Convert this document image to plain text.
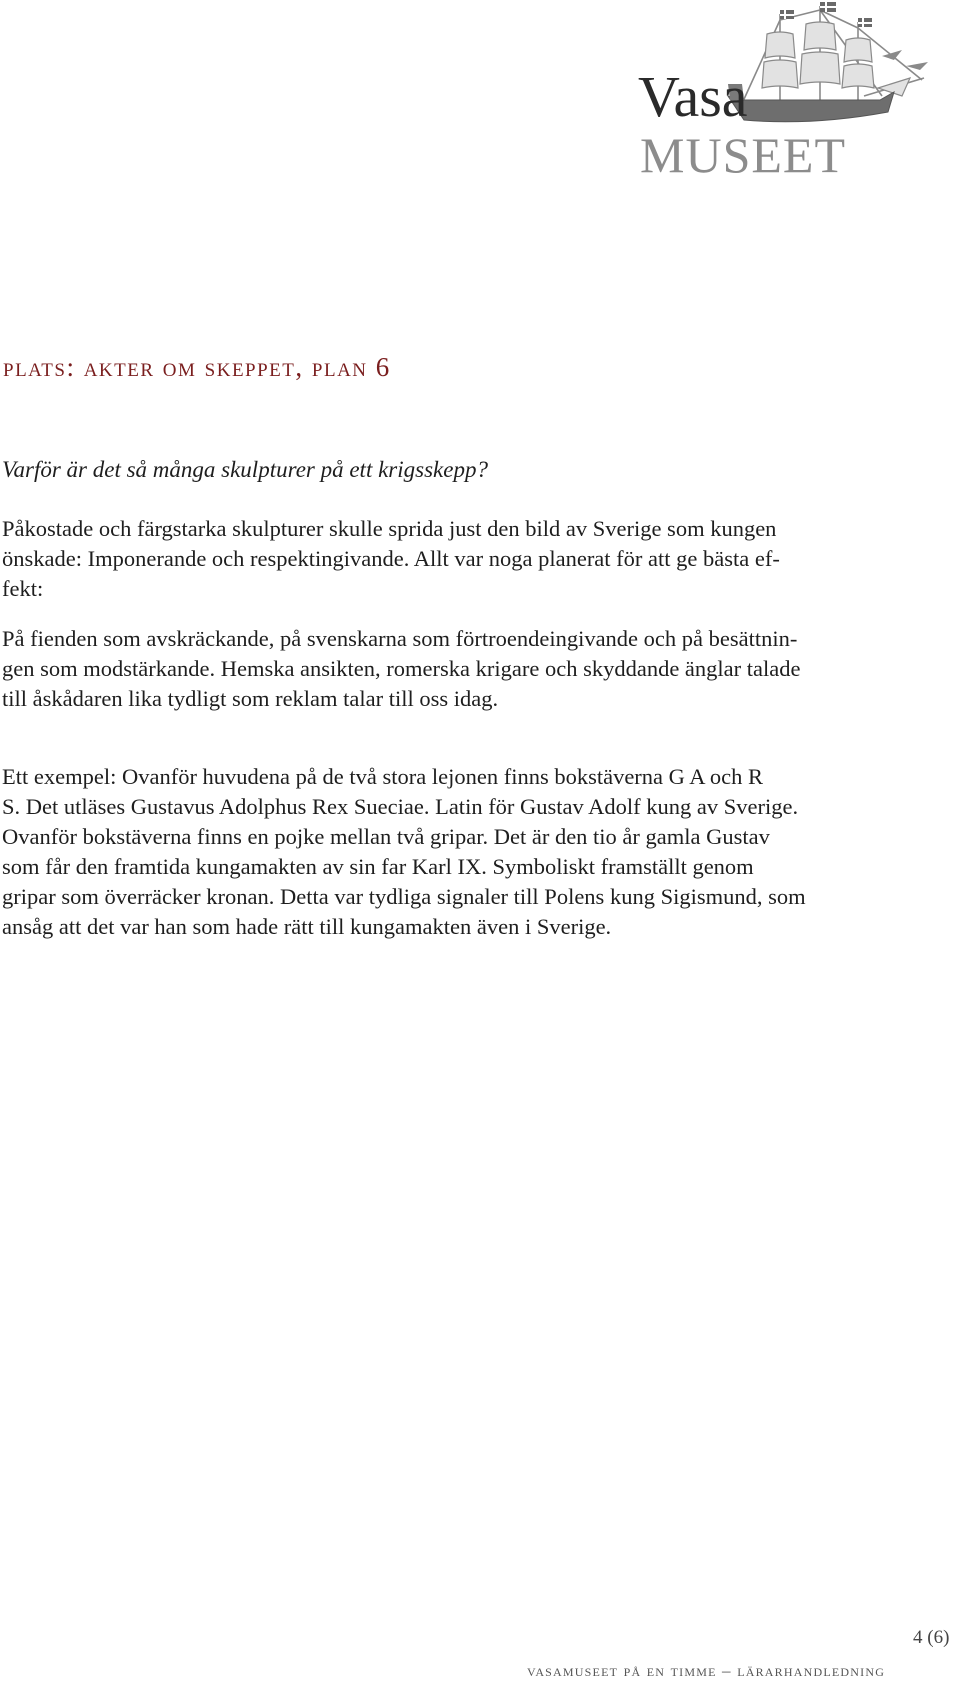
Vasa
MUSEET
plats: akter om skeppet, plan 6
Varför är det så många skulpturer på ett krigsskepp?
Påkostade och färgstarka skulpturer skulle sprida just den bild av Sverige som kungen
önskade: Imponerande och respektingivande. Allt var noga planerat för att ge bästa ef-
fekt:
På fienden som avskräckande, på svenskarna som förtroendeingivande och på besättnin-
gen som modstärkande. Hemska ansikten, romerska krigare och skyddande änglar talade
till åskådaren lika tydligt som reklam talar till oss idag.
Ett exempel: Ovanför huvudena på de två stora lejonen finns bokstäverna G A och R
S. Det utläses Gustavus Adolphus Rex Sueciae. Latin för Gustav Adolf kung av Sverige.
Ovanför bokstäverna finns en pojke mellan två gripar. Det är den tio år gamla Gustav
som får den framtida kungamakten av sin far Karl IX. Symboliskt framställt genom
gripar som överräcker kronan. Detta var tydliga signaler till Polens kung Sigismund, som
ansåg att det var han som hade rätt till kungamakten även i Sverige.
4 (6)
vasamuseet på en timme – lärarhandledning
